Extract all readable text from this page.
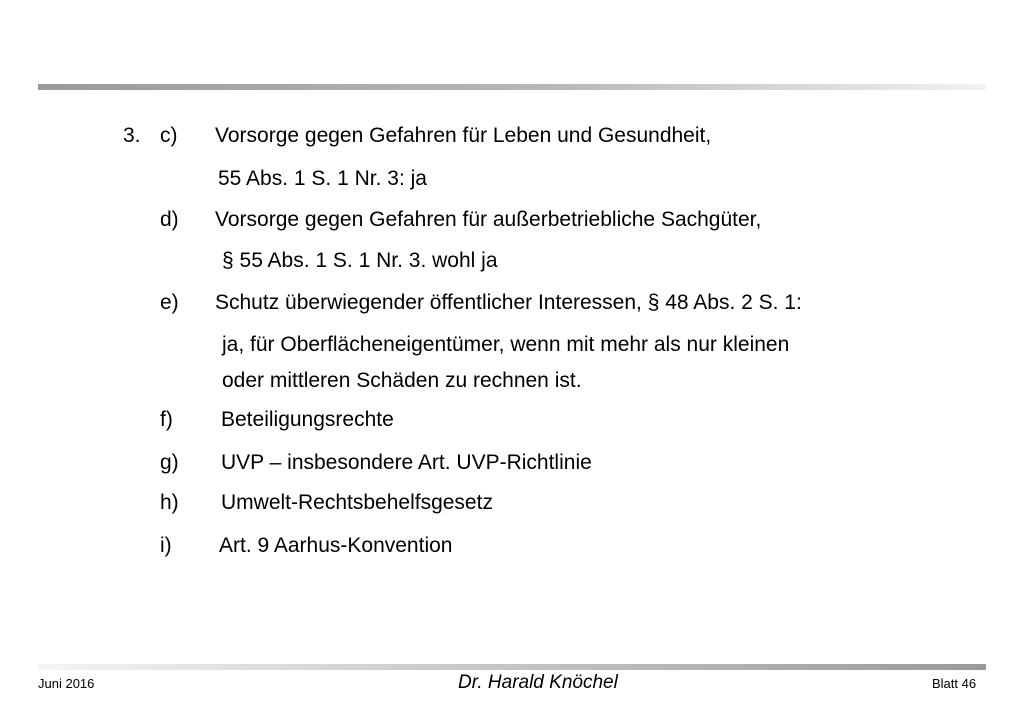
3. c) Vorsorge gegen Gefahren für Leben und Gesundheit,
55 Abs. 1 S. 1 Nr. 3: ja
d) Vorsorge gegen Gefahren für außerbetriebliche Sachgüter,
§ 55 Abs. 1 S. 1 Nr. 3. wohl ja
e) Schutz überwiegender öffentlicher Interessen, § 48 Abs. 2 S. 1:
ja, für Oberflächeneigentümer, wenn mit mehr als nur kleinen
oder mittleren Schäden zu rechnen ist.
f) Beteiligungsrechte
g) UVP – insbesondere Art. UVP-Richtlinie
h) Umwelt-Rechtsbehelfsgesetz
i) Art. 9 Aarhus-Konvention
Juni 2016	Dr. Harald Knöchel	Blatt 46
